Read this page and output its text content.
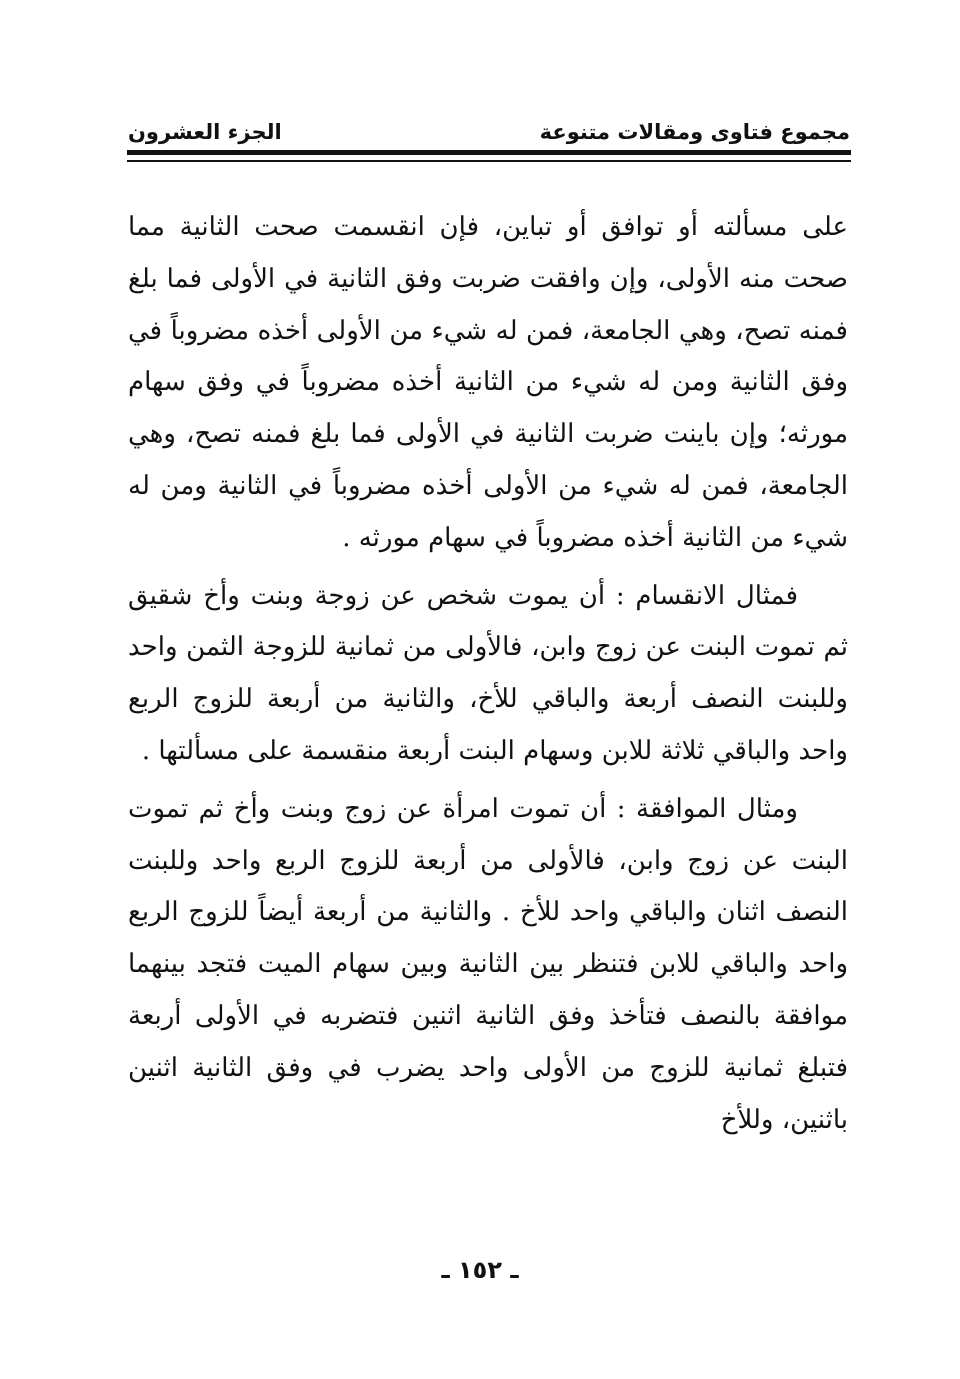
مجموع فتاوى ومقالات متنوعة
الجزء العشرون

على مسألته أو توافق أو تباين، فإن انقسمت صحت الثانية مما صحت منه الأولى، وإن وافقت ضربت وفق الثانية في الأولى فما بلغ فمنه تصح، وهي الجامعة، فمن له شيء من الأولى أخذه مضروباً في وفق الثانية ومن له شيء من الثانية أخذه مضروباً في وفق سهام مورثه؛ وإن باينت ضربت الثانية في الأولى فما بلغ فمنه تصح، وهي الجامعة، فمن له شيء من الأولى أخذه مضروباً في الثانية ومن له شيء من الثانية أخذه مضروباً في سهام مورثه .

فمثال الانقسام : أن يموت شخص عن زوجة وبنت وأخ شقيق ثم تموت البنت عن زوج وابن، فالأولى من ثمانية للزوجة الثمن واحد وللبنت النصف أربعة والباقي للأخ، والثانية من أربعة للزوج الربع واحد والباقي ثلاثة للابن وسهام البنت أربعة منقسمة على مسألتها .

ومثال الموافقة : أن تموت امرأة عن زوج وبنت وأخ ثم تموت البنت عن زوج وابن، فالأولى من أربعة للزوج الربع واحد وللبنت النصف اثنان والباقي واحد للأخ . والثانية من أربعة أيضاً للزوج الربع واحد والباقي للابن فتنظر بين الثانية وبين سهام الميت فتجد بينهما موافقة بالنصف فتأخذ وفق الثانية اثنين فتضربه في الأولى أربعة فتبلغ ثمانية للزوج من الأولى واحد يضرب في وفق الثانية اثنين باثنين، وللأخ

ـ ١٥٢ ـ
